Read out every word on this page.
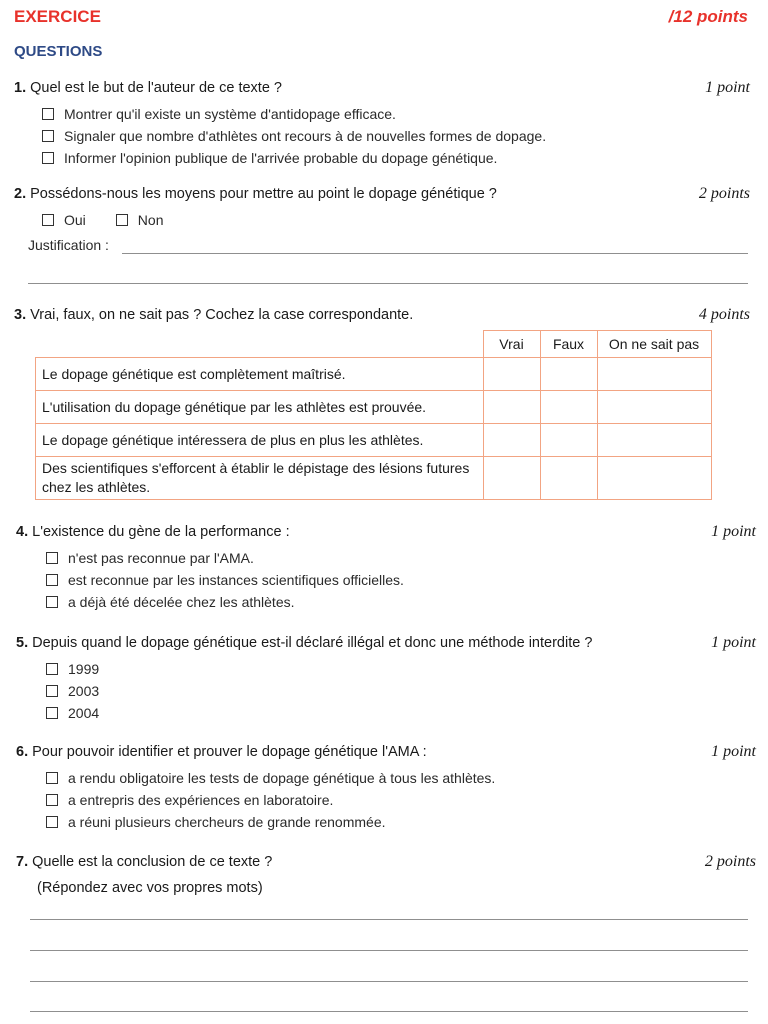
EXERCICE	/12 points
QUESTIONS
1. Quel est le but de l'auteur de ce texte ?	1 point
Montrer qu'il existe un système d'antidopage efficace.
Signaler que nombre d'athlètes ont recours à de nouvelles formes de dopage.
Informer l'opinion publique de l'arrivée probable du dopage génétique.
2. Possédons-nous les moyens pour mettre au point le dopage génétique ?	2 points
Oui	Non
Justification :
3. Vrai, faux, on ne sait pas ? Cochez la case correspondante.	4 points
	Vrai	Faux	On ne sait pas
Le dopage génétique est complètement maîtrisé.			
L'utilisation du dopage génétique par les athlètes est prouvée.			
Le dopage génétique intéressera de plus en plus les athlètes.			
Des scientifiques s'efforcent à établir le dépistage des lésions futures chez les athlètes.			
4. L'existence du gène de la performance :	1 point
n'est pas reconnue par l'AMA.
est reconnue par les instances scientifiques officielles.
a déjà été décelée chez les athlètes.
5. Depuis quand le dopage génétique est-il déclaré illégal et donc une méthode interdite ?	1 point
1999
2003
2004
6. Pour pouvoir identifier et prouver le dopage génétique l'AMA :	1 point
a rendu obligatoire les tests de dopage génétique à tous les athlètes.
a entrepris des expériences en laboratoire.
a réuni plusieurs chercheurs de grande renommée.
7. Quelle est la conclusion de ce texte ?	2 points
(Répondez avec vos propres mots)
